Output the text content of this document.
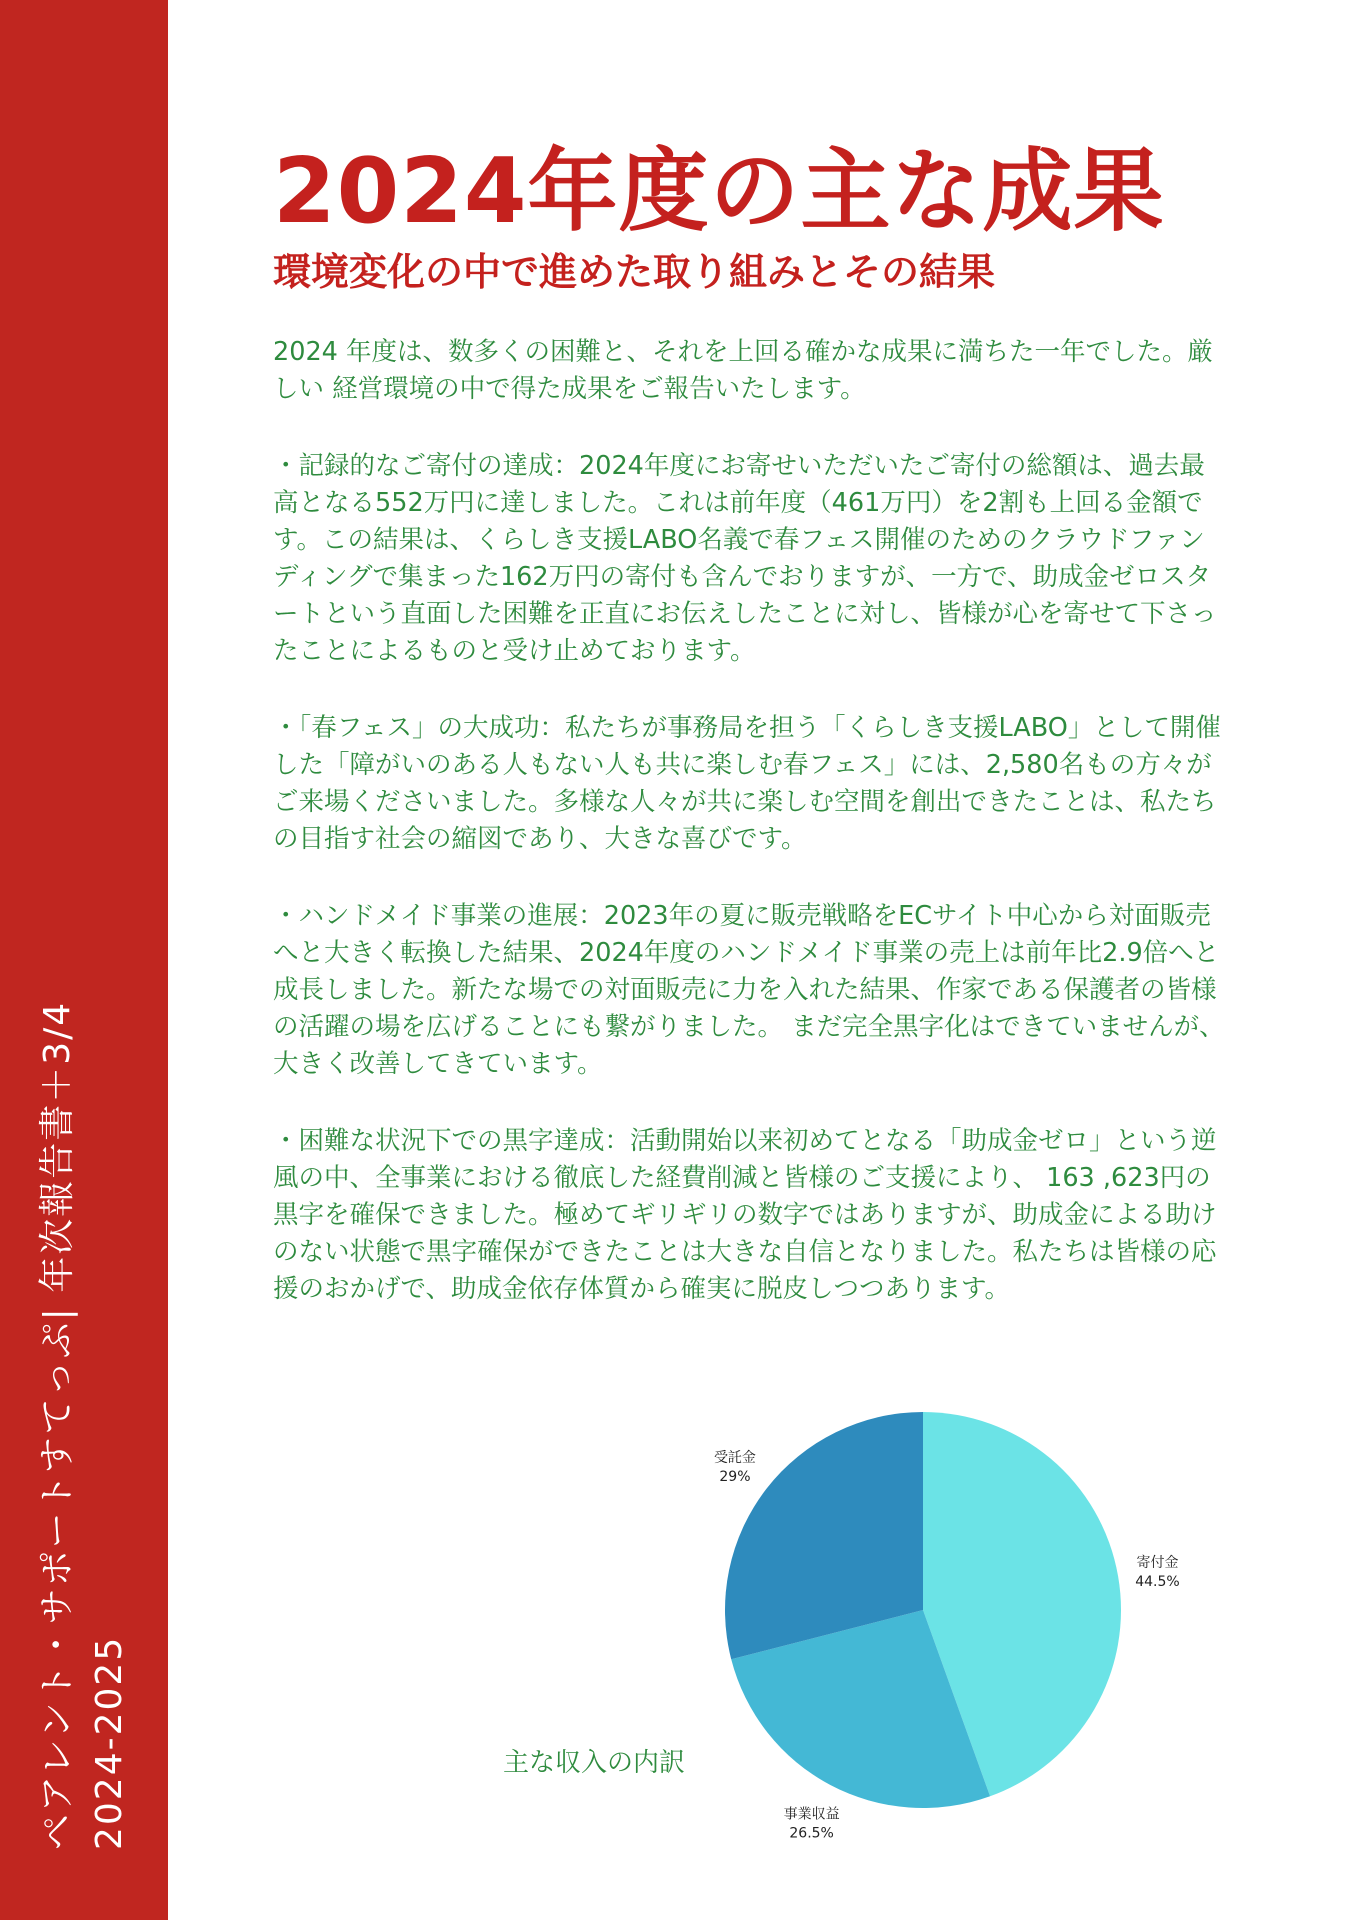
ペアレント・サポートすてっぷ| 年次報告書＋3/4 2024-2025
2024年度の主な成果
環境変化の中で進めた取り組みとその結果

2024 年度は、数多くの困難と、それを上回る確かな成果に満ちた一年でした。厳しい 経営環境の中で得た成果をご報告いたします。

・記録的なご寄付の達成：2024年度にお寄せいただいたご寄付の総額は、過去最高となる552万円に達しました。これは前年度（461万円）を2割も上回る金額です。この結果は、くらしき支援LABO名義で春フェス開催のためのクラウドファンディングで集まった162万円の寄付も含んでおりますが、一方で、助成金ゼロスタートという直面した困難を正直にお伝えしたことに対し、皆様が心を寄せて下さったことによるものと受け止めております。

・「春フェス」の大成功：私たちが事務局を担う「くらしき支援LABO」として開催した「障がいのある人もない人も共に楽しむ春フェス」には、2,580名もの方々がご来場くださいました。多様な人々が共に楽しむ空間を創出できたことは、私たちの目指す社会の縮図であり、大きな喜びです。

・ハンドメイド事業の進展：2023年の夏に販売戦略をECサイト中心から対面販売へと大きく転換した結果、2024年度のハンドメイド事業の売上は前年比2.9倍へと成長しました。新たな場での対面販売に力を入れた結果、作家である保護者の皆様の活躍の場を広げることにも繋がりました。 まだ完全黒字化はできていませんが、大きく改善してきています。

・困難な状況下での黒字達成：活動開始以来初めてとなる「助成金ゼロ」という逆風の中、全事業における徹底した経費削減と皆様のご支援により、 163 ,623円の黒字を確保できました。極めてギリギリの数字ではありますが、助成金による助けのない状態で黒字確保ができたことは大きな自信となりました。私たちは皆様の応援のおかげで、助成金依存体質から確実に脱皮しつつあります。

寄付金
44.5%
事業収益
26.5%
受託金
29%
主な収入の内訳
